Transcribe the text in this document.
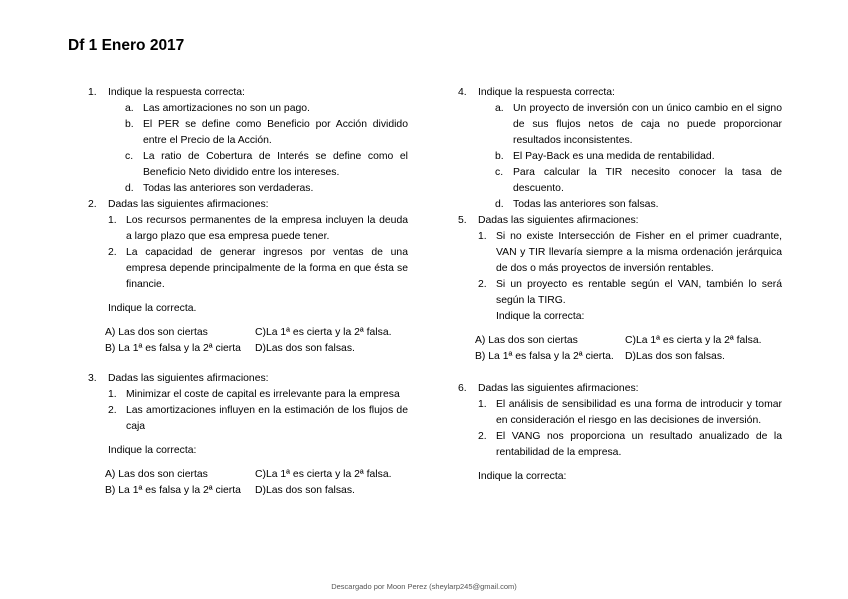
Df 1 Enero 2017
1. Indique la respuesta correcta:
a. Las amortizaciones no son un pago.
b. El PER se define como Beneficio por Acción dividido entre el Precio de la Acción.
c. La ratio de Cobertura de Interés se define como el Beneficio Neto dividido entre los intereses.
d. Todas las anteriores son verdaderas.
2. Dadas las siguientes afirmaciones:
1. Los recursos permanentes de la empresa incluyen la deuda a largo plazo que esa empresa puede tener.
2. La capacidad de generar ingresos por ventas de una empresa depende principalmente de la forma en que ésta se financie.
Indique la correcta.
A) Las dos son ciertas	C)La 1ª es cierta y la 2ª falsa.
B) La 1ª es falsa y la 2ª cierta	D)Las dos son falsas.
3. Dadas las siguientes afirmaciones:
1. Minimizar el coste de capital es irrelevante para la empresa
2. Las amortizaciones influyen en la estimación de los flujos de caja
Indique la correcta:
A) Las dos son ciertas	C)La 1ª es cierta y la 2ª falsa.
B) La 1ª es falsa y la 2ª cierta	D)Las dos son falsas.
4. Indique la respuesta correcta:
a. Un proyecto de inversión con un único cambio en el signo de sus flujos netos de caja no puede proporcionar resultados inconsistentes.
b. El Pay-Back es una medida de rentabilidad.
c. Para calcular la TIR necesito conocer la tasa de descuento.
d. Todas las anteriores son falsas.
5. Dadas las siguientes afirmaciones:
1. Si no existe Intersección de Fisher en el primer cuadrante, VAN y TIR llevaría siempre a la misma ordenación jerárquica de dos o más proyectos de inversión rentables.
2. Si un proyecto es rentable según el VAN, también lo será según la TIRG.
Indique la correcta:
A) Las dos son ciertas	C)La 1ª es cierta y la 2ª falsa.
B) La 1ª es falsa y la 2ª cierta.	D)Las dos son falsas.
6. Dadas las siguientes afirmaciones:
1. El análisis de sensibilidad es una forma de introducir y tomar en consideración el riesgo en las decisiones de inversión.
2. El VANG nos proporciona un resultado anualizado de la rentabilidad de la empresa.
Indique la correcta:
Descargado por Moon Perez (sheylarp245@gmail.com)
